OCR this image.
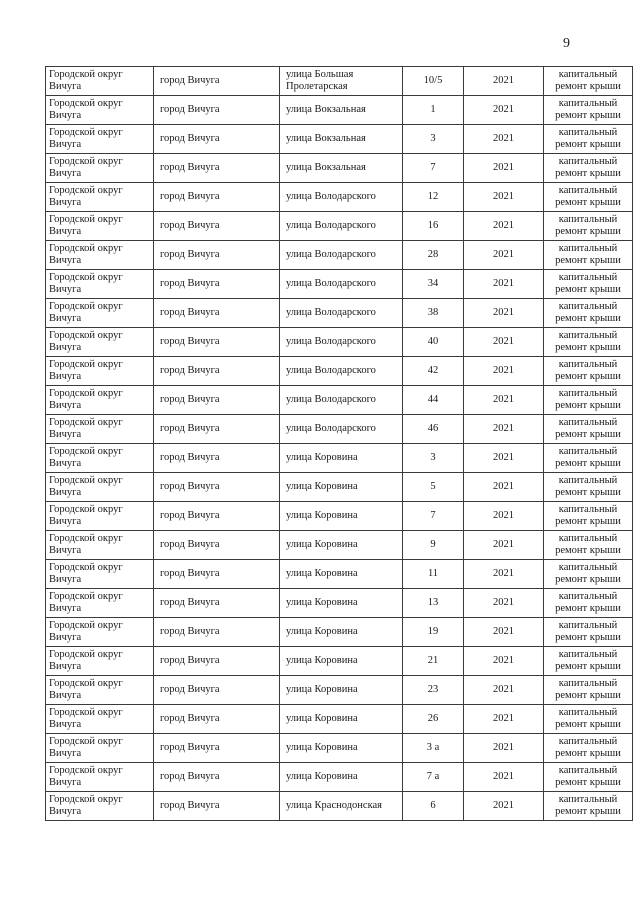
9
Городской округ Вичуга	город Вичуга	улица Большая Пролетарская	10/5	2021	капитальный ремонт крыши
Городской округ Вичуга	город Вичуга	улица Вокзальная	1	2021	капитальный ремонт крыши
Городской округ Вичуга	город Вичуга	улица Вокзальная	3	2021	капитальный ремонт крыши
Городской округ Вичуга	город Вичуга	улица Вокзальная	7	2021	капитальный ремонт крыши
Городской округ Вичуга	город Вичуга	улица Володарского	12	2021	капитальный ремонт крыши
Городской округ Вичуга	город Вичуга	улица Володарского	16	2021	капитальный ремонт крыши
Городской округ Вичуга	город Вичуга	улица Володарского	28	2021	капитальный ремонт крыши
Городской округ Вичуга	город Вичуга	улица Володарского	34	2021	капитальный ремонт крыши
Городской округ Вичуга	город Вичуга	улица Володарского	38	2021	капитальный ремонт крыши
Городской округ Вичуга	город Вичуга	улица Володарского	40	2021	капитальный ремонт крыши
Городской округ Вичуга	город Вичуга	улица Володарского	42	2021	капитальный ремонт крыши
Городской округ Вичуга	город Вичуга	улица Володарского	44	2021	капитальный ремонт крыши
Городской округ Вичуга	город Вичуга	улица Володарского	46	2021	капитальный ремонт крыши
Городской округ Вичуга	город Вичуга	улица Коровина	3	2021	капитальный ремонт крыши
Городской округ Вичуга	город Вичуга	улица Коровина	5	2021	капитальный ремонт крыши
Городской округ Вичуга	город Вичуга	улица Коровина	7	2021	капитальный ремонт крыши
Городской округ Вичуга	город Вичуга	улица Коровина	9	2021	капитальный ремонт крыши
Городской округ Вичуга	город Вичуга	улица Коровина	11	2021	капитальный ремонт крыши
Городской округ Вичуга	город Вичуга	улица Коровина	13	2021	капитальный ремонт крыши
Городской округ Вичуга	город Вичуга	улица Коровина	19	2021	капитальный ремонт крыши
Городской округ Вичуга	город Вичуга	улица Коровина	21	2021	капитальный ремонт крыши
Городской округ Вичуга	город Вичуга	улица Коровина	23	2021	капитальный ремонт крыши
Городской округ Вичуга	город Вичуга	улица Коровина	26	2021	капитальный ремонт крыши
Городской округ Вичуга	город Вичуга	улица Коровина	3 а	2021	капитальный ремонт крыши
Городской округ Вичуга	город Вичуга	улица Коровина	7 а	2021	капитальный ремонт крыши
Городской округ Вичуга	город Вичуга	улица Краснодонская	6	2021	капитальный ремонт крыши
